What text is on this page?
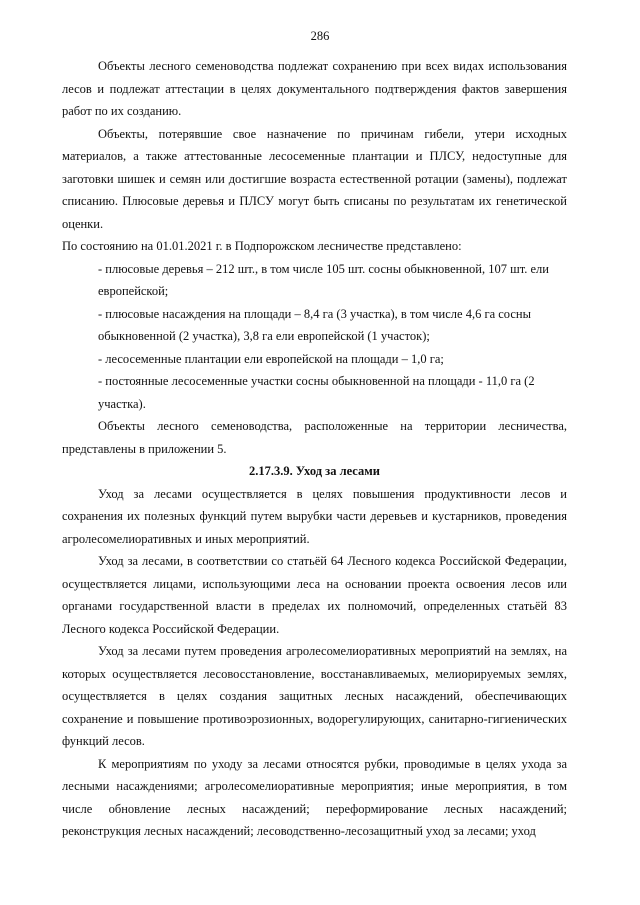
286

Объекты лесного семеноводства подлежат сохранению при всех видах использования лесов и подлежат аттестации в целях документального подтверждения фактов завершения работ по их созданию.

Объекты, потерявшие свое назначение по причинам гибели, утери исходных материалов, а также аттестованные лесосеменные плантации и ПЛСУ, недоступные для заготовки шишек и семян или достигшие возраста естественной ротации (замены), подлежат списанию. Плюсовые деревья и ПЛСУ могут быть списаны по результатам их генетической оценки.

По состоянию на 01.01.2021 г. в Подпорожском лесничестве представлено:

- плюсовые деревья – 212 шт., в том числе 105 шт. сосны обыкновенной, 107 шт. ели европейской;

- плюсовые насаждения на площади – 8,4 га (3 участка), в том числе 4,6 га сосны обыкновенной (2 участка), 3,8 га ели европейской (1 участок);

- лесосеменные плантации ели европейской на площади – 1,0 га;

- постоянные лесосеменные участки сосны обыкновенной на площади - 11,0 га (2 участка).

Объекты лесного семеноводства, расположенные на территории лесничества, представлены в приложении 5.

2.17.3.9. Уход за лесами

Уход за лесами осуществляется в целях повышения продуктивности лесов и сохранения их полезных функций путем вырубки части деревьев и кустарников, проведения агролесомелиоративных и иных мероприятий.

Уход за лесами, в соответствии со статьёй 64 Лесного кодекса Российской Федерации, осуществляется лицами, использующими леса на основании проекта освоения лесов или органами государственной власти в пределах их полномочий, определенных статьёй 83 Лесного кодекса Российской Федерации.

Уход за лесами путем проведения агролесомелиоративных мероприятий на землях, на которых осуществляется лесовосстановление, восстанавливаемых, мелиорируемых землях, осуществляется в целях создания защитных лесных насаждений, обеспечивающих сохранение и повышение противоэрозионных, водорегулирующих, санитарно-гигиенических функций лесов.

К мероприятиям по уходу за лесами относятся рубки, проводимые в целях ухода за лесными насаждениями; агролесомелиоративные мероприятия; иные мероприятия, в том числе обновление лесных насаждений; переформирование лесных насаждений; реконструкция лесных насаждений; лесоводственно-лесозащитный уход за лесами; уход
